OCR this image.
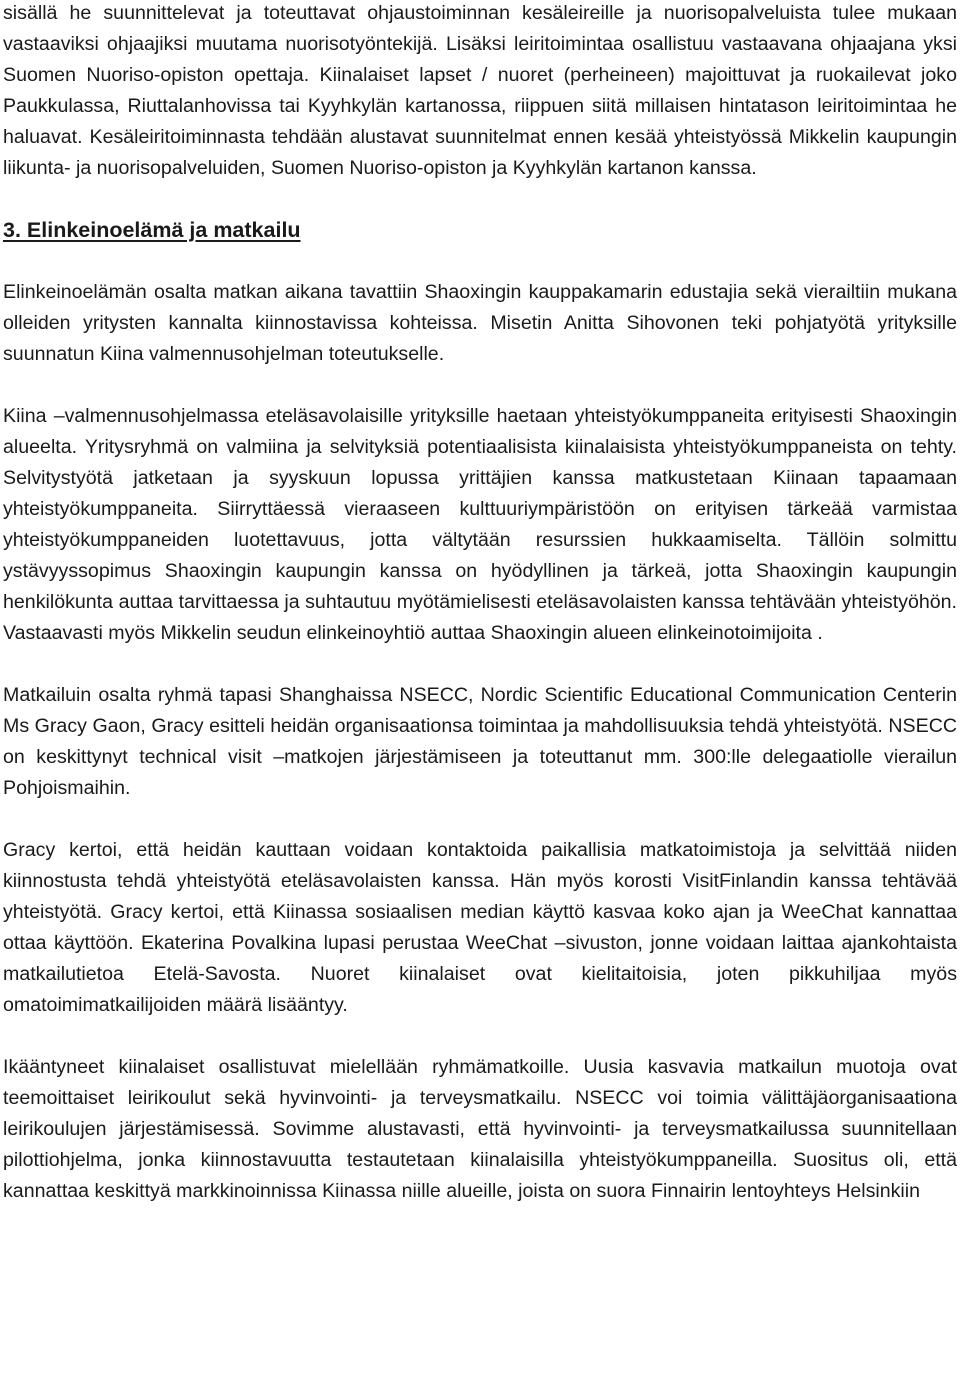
sisällä he suunnittelevat ja toteuttavat ohjaustoiminnan kesäleireille ja nuorisopalveluista tulee mukaan vastaaviksi ohjaajiksi muutama nuorisotyöntekijä. Lisäksi leiritoimintaa osallistuu vastaavana ohjaajana yksi Suomen Nuoriso-opiston opettaja. Kiinalaiset lapset / nuoret (perheineen) majoittuvat ja ruokailevat joko Paukkulassa, Riuttalanhovissa tai Kyyhkylän kartanossa, riippuen siitä millaisen hintatason leiritoimintaa he haluavat. Kesäleiritoiminnasta tehdään alustavat suunnitelmat ennen kesää yhteistyössä Mikkelin kaupungin liikunta- ja nuorisopalveluiden, Suomen Nuoriso-opiston ja Kyyhkylän kartanon kanssa.

3. Elinkeinoelämä ja matkailu

Elinkeinoelämän osalta matkan aikana tavattiin Shaoxingin kauppakamarin edustajia sekä vierailtiin mukana olleiden yritysten kannalta kiinnostavissa kohteissa. Misetin Anitta Sihovonen teki pohjatyötä yrityksille suunnatun Kiina valmennusohjelman toteutukselle.

Kiina –valmennusohjelmassa eteläsavolaisille yrityksille haetaan yhteistyökumppaneita erityisesti Shaoxingin alueelta. Yritysryhmä on valmiina ja selvityksiä potentiaalisista kiinalaisista yhteistyökumppaneista on tehty. Selvitystyötä jatketaan ja syyskuun lopussa yrittäjien kanssa matkustetaan Kiinaan tapaamaan yhteistyökumppaneita. Siirryttäessä vieraaseen kulttuuriympäristöön on erityisen tärkeää varmistaa yhteistyökumppaneiden luotettavuus, jotta vältytään resurssien hukkaamiselta. Tällöin solmittu ystävyyssopimus Shaoxingin kaupungin kanssa on hyödyllinen ja tärkeä, jotta Shaoxingin kaupungin henkilökunta auttaa tarvittaessa ja suhtautuu myötämielisesti eteläsavolaisten kanssa tehtävään yhteistyöhön. Vastaavasti myös Mikkelin seudun elinkeinoyhtiö auttaa Shaoxingin alueen elinkeinotoimijoita .

Matkailuin osalta ryhmä tapasi Shanghaissa NSECC, Nordic Scientific Educational Communication Centerin Ms Gracy Gaon, Gracy esitteli heidän organisaationsa toimintaa ja mahdollisuuksia tehdä yhteistyötä. NSECC on keskittynyt technical visit –matkojen järjestämiseen ja toteuttanut mm. 300:lle delegaatiolle vierailun Pohjoismaihin.

Gracy kertoi, että heidän kauttaan voidaan kontaktoida paikallisia matkatoimistoja ja selvittää niiden kiinnostusta tehdä yhteistyötä eteläsavolaisten kanssa. Hän myös korosti VisitFinlandin kanssa tehtävää yhteistyötä. Gracy kertoi, että Kiinassa sosiaalisen median käyttö kasvaa koko ajan ja WeeChat kannattaa ottaa käyttöön. Ekaterina Povalkina lupasi perustaa WeeChat –sivuston, jonne voidaan laittaa ajankohtaista matkailutietoa Etelä-Savosta. Nuoret kiinalaiset ovat kielitaitoisia, joten pikkuhiljaa myös omatoimimatkailijoiden määrä lisääntyy.

Ikääntyneet kiinalaiset osallistuvat mielellään ryhmämatkoille. Uusia kasvavia matkailun muotoja ovat teemoittaiset leirikoulut sekä hyvinvointi- ja terveysmatkailu. NSECC voi toimia välittäjäorganisaationa leirikoulujen järjestämisessä. Sovimme alustavasti, että hyvinvointi- ja terveysmatkailussa suunnitellaan pilottiohjelma, jonka kiinnostavuutta testautetaan kiinalaisilla yhteistyökumppaneilla. Suositus oli, että kannattaa keskittyä markkinoinnissa Kiinassa niille alueille, joista on suora Finnairin lentoyhteys Helsinkiin
